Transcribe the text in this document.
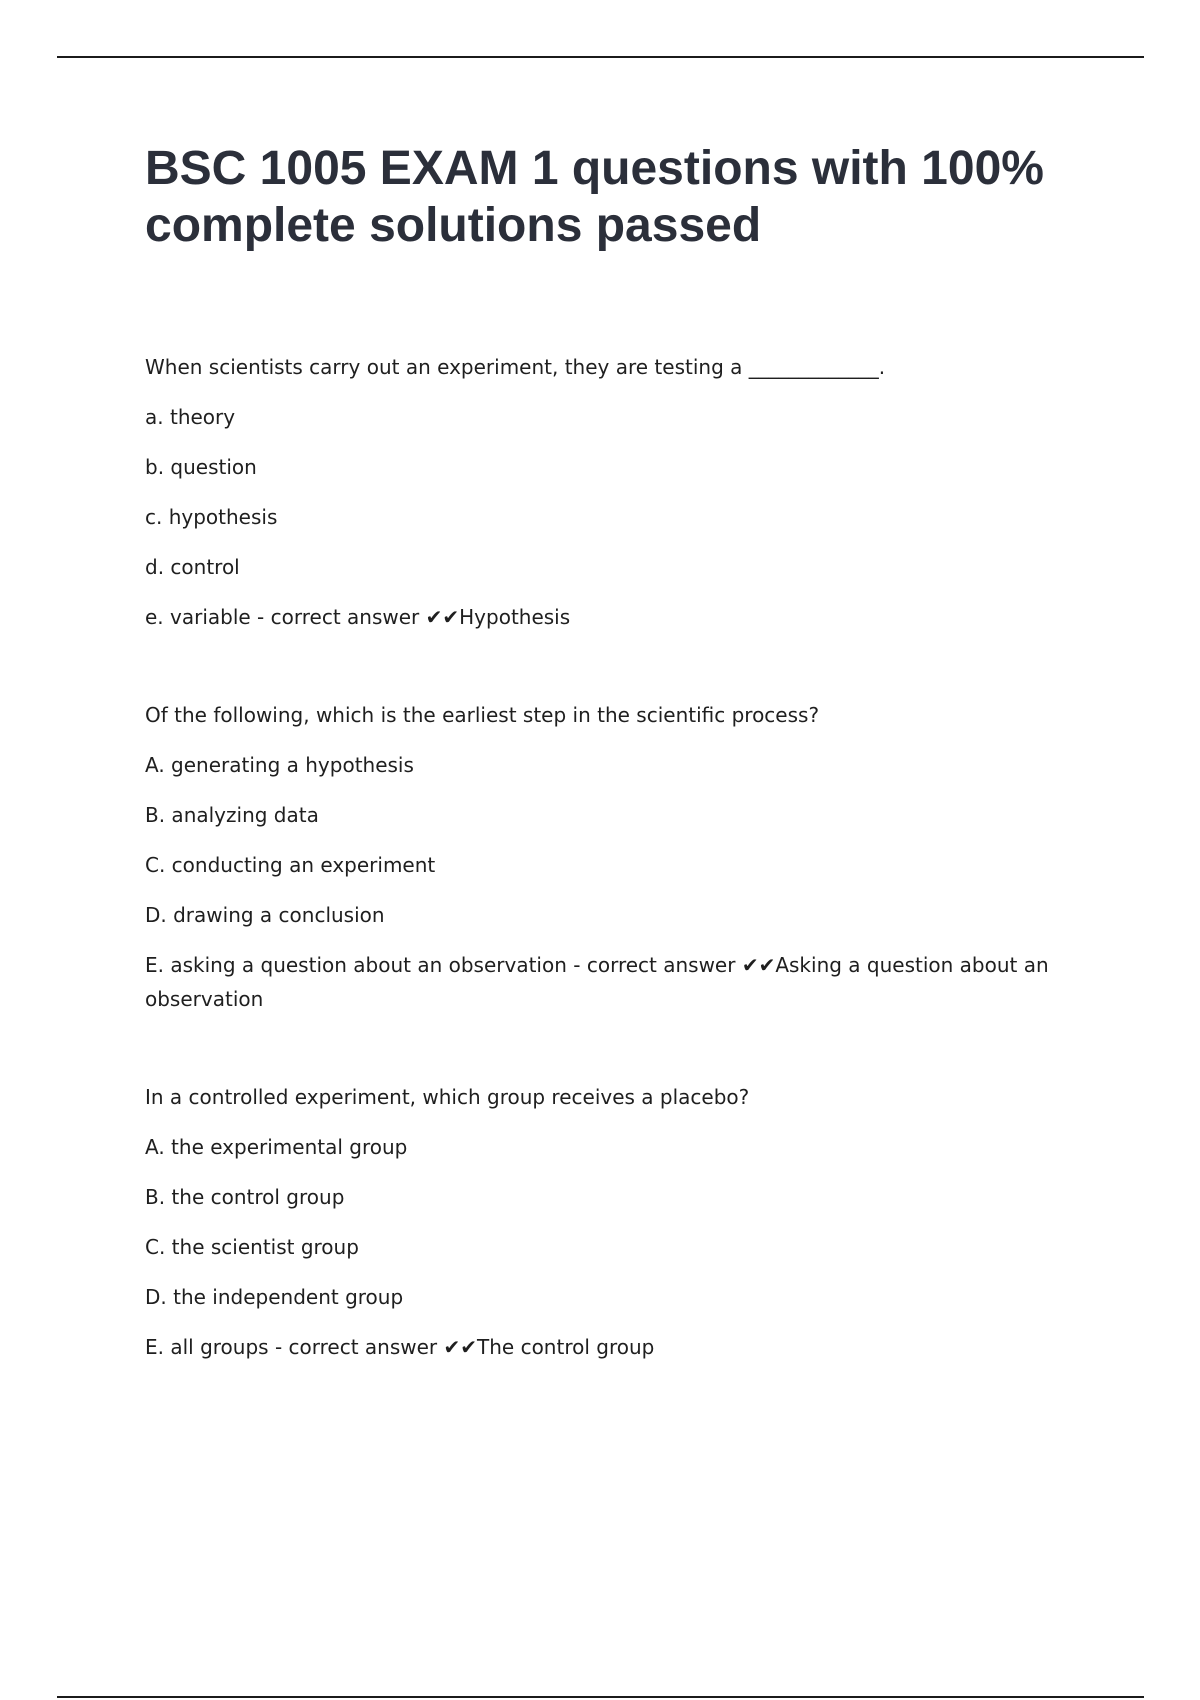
BSC 1005 EXAM 1 questions with 100% complete solutions passed

When scientists carry out an experiment, they are testing a _____________.

a. theory

b. question

c. hypothesis

d. control

e. variable - correct answer ✔✔Hypothesis

Of the following, which is the earliest step in the scientific process?

A. generating a hypothesis

B. analyzing data

C. conducting an experiment

D. drawing a conclusion

E. asking a question about an observation - correct answer ✔✔Asking a question about an observation

In a controlled experiment, which group receives a placebo?

A. the experimental group

B. the control group

C. the scientist group

D. the independent group

E. all groups - correct answer ✔✔The control group
